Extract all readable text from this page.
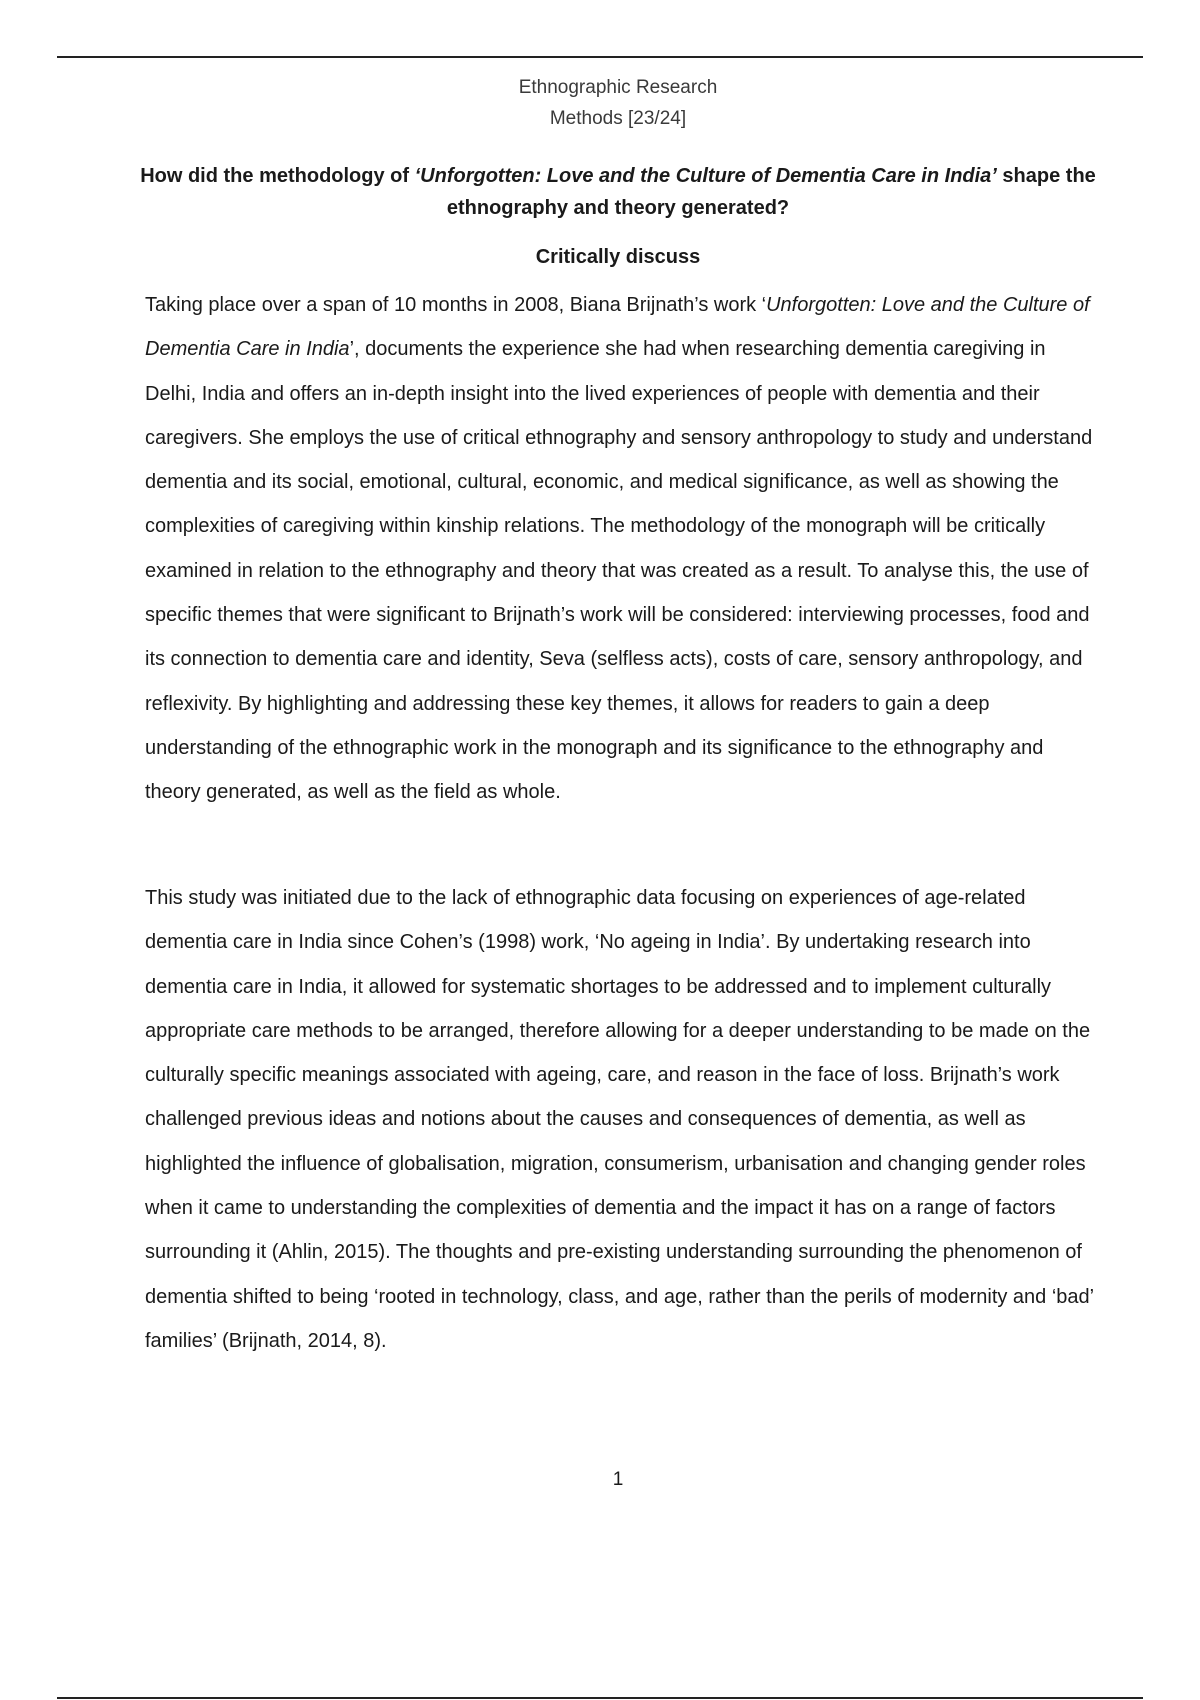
Ethnographic Research
Methods [23/24]
How did the methodology of ‘Unforgotten: Love and the Culture of Dementia Care in India’ shape the ethnography and theory generated?
Critically discuss

Taking place over a span of 10 months in 2008, Biana Brijnath’s work ‘Unforgotten: Love and the Culture of Dementia Care in India’, documents the experience she had when researching dementia caregiving in Delhi, India and offers an in-depth insight into the lived experiences of people with dementia and their caregivers. She employs the use of critical ethnography and sensory anthropology to study and understand dementia and its social, emotional, cultural, economic, and medical significance, as well as showing the complexities of caregiving within kinship relations. The methodology of the monograph will be critically examined in relation to the ethnography and theory that was created as a result. To analyse this, the use of specific themes that were significant to Brijnath’s work will be considered: interviewing processes, food and its connection to dementia care and identity, Seva (selfless acts), costs of care, sensory anthropology, and reflexivity. By highlighting and addressing these key themes, it allows for readers to gain a deep understanding of the ethnographic work in the monograph and its significance to the ethnography and theory generated, as well as the field as whole.

This study was initiated due to the lack of ethnographic data focusing on experiences of age-related dementia care in India since Cohen’s (1998) work, ‘No ageing in India’. By undertaking research into dementia care in India, it allowed for systematic shortages to be addressed and to implement culturally appropriate care methods to be arranged, therefore allowing for a deeper understanding to be made on the culturally specific meanings associated with ageing, care, and reason in the face of loss. Brijnath’s work challenged previous ideas and notions about the causes and consequences of dementia, as well as highlighted the influence of globalisation, migration, consumerism, urbanisation and changing gender roles when it came to understanding the complexities of dementia and the impact it has on a range of factors surrounding it (Ahlin, 2015). The thoughts and pre-existing understanding surrounding the phenomenon of dementia shifted to being ‘rooted in technology, class, and age, rather than the perils of modernity and ‘bad’ families’ (Brijnath, 2014, 8).

1
